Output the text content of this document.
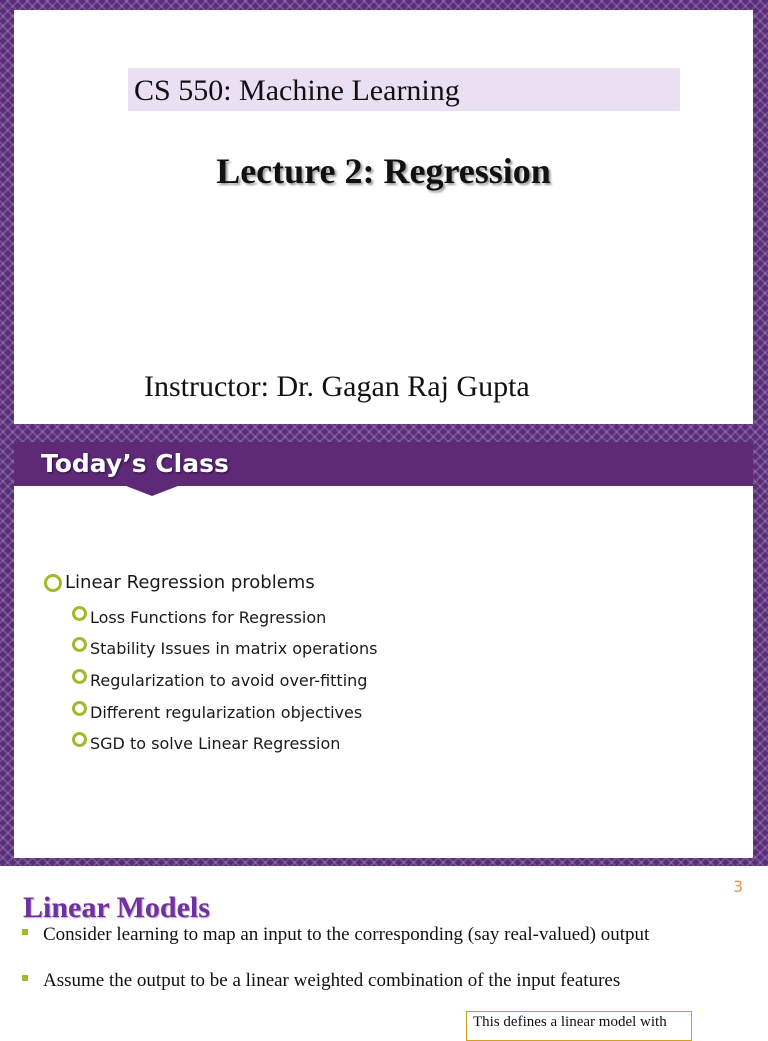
CS 550: Machine Learning
Lecture 2: Regression
Instructor: Dr. Gagan Raj Gupta
Today’s Class
Linear Regression problems
Loss Functions for Regression
Stability Issues in matrix operations
Regularization to avoid over-fitting
Different regularization objectives
SGD to solve Linear Regression
3
Linear Models
Consider learning to map an input to the corresponding (say real-valued) output
Assume the output to be a linear weighted combination of the input features
This defines a linear model with
